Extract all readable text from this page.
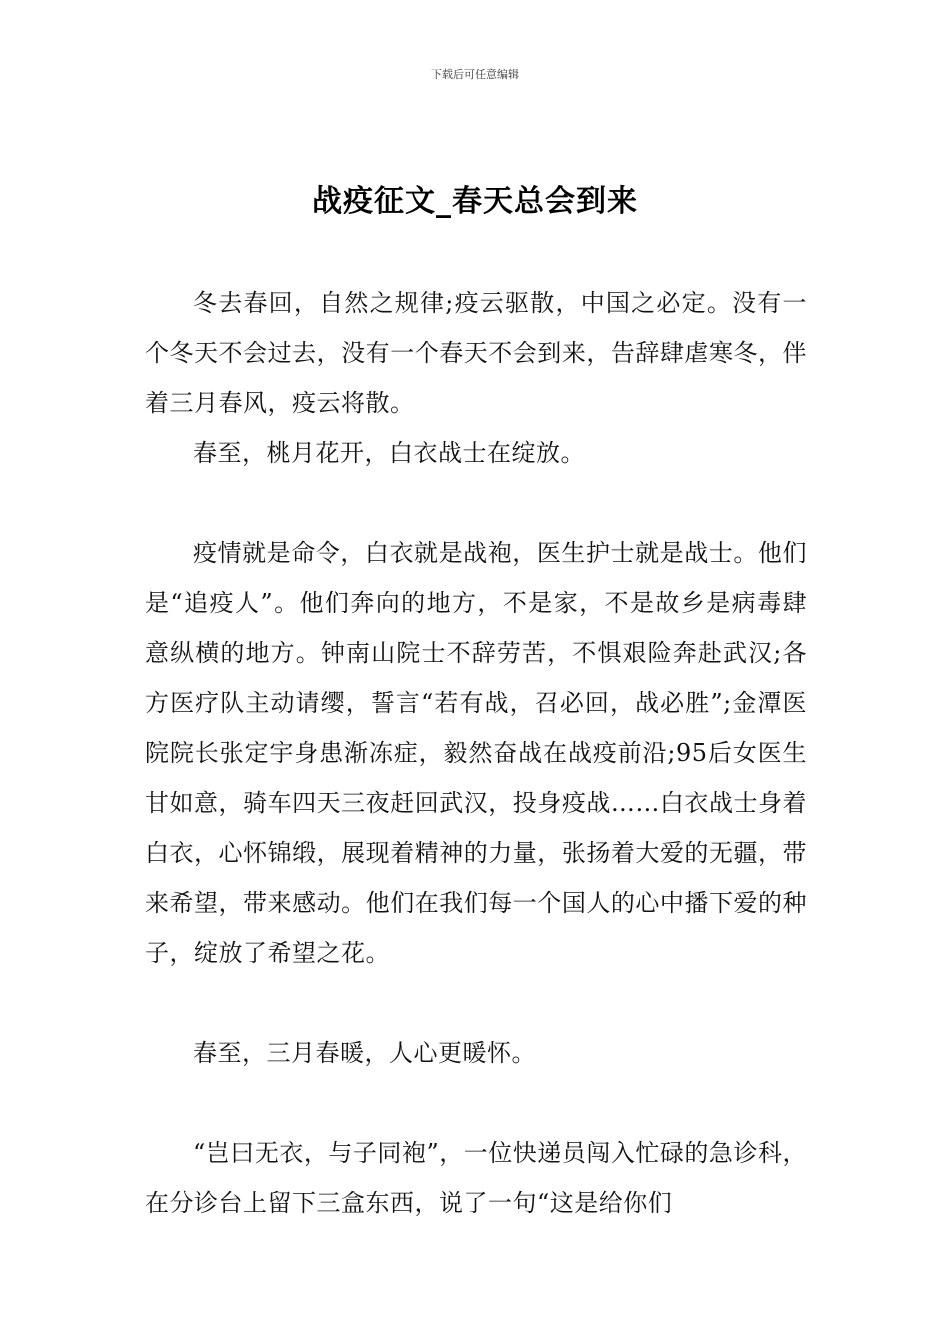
下载后可任意编辑
战疫征文_春天总会到来

冬去春回，自然之规律;疫云驱散，中国之必定。没有一个冬天不会过去，没有一个春天不会到来，告辞肆虐寒冬，伴着三月春风，疫云将散。

春至，桃月花开，白衣战士在绽放。

疫情就是命令，白衣就是战袍，医生护士就是战士。他们是“追疫人”。他们奔向的地方，不是家，不是故乡是病毒肆意纵横的地方。钟南山院士不辞劳苦，不惧艰险奔赴武汉;各方医疗队主动请缨，誓言“若有战，召必回，战必胜”;金潭医院院长张定宇身患渐冻症，毅然奋战在战疫前沿;95后女医生甘如意，骑车四天三夜赶回武汉，投身疫战……白衣战士身着白衣，心怀锦缎，展现着精神的力量，张扬着大爱的无疆，带来希望，带来感动。他们在我们每一个国人的心中播下爱的种子，绽放了希望之花。

春至，三月春暖，人心更暖怀。

“岂曰无衣，与子同袍”，一位快递员闯入忙碌的急诊科，在分诊台上留下三盒东西，说了一句“这是给你们
